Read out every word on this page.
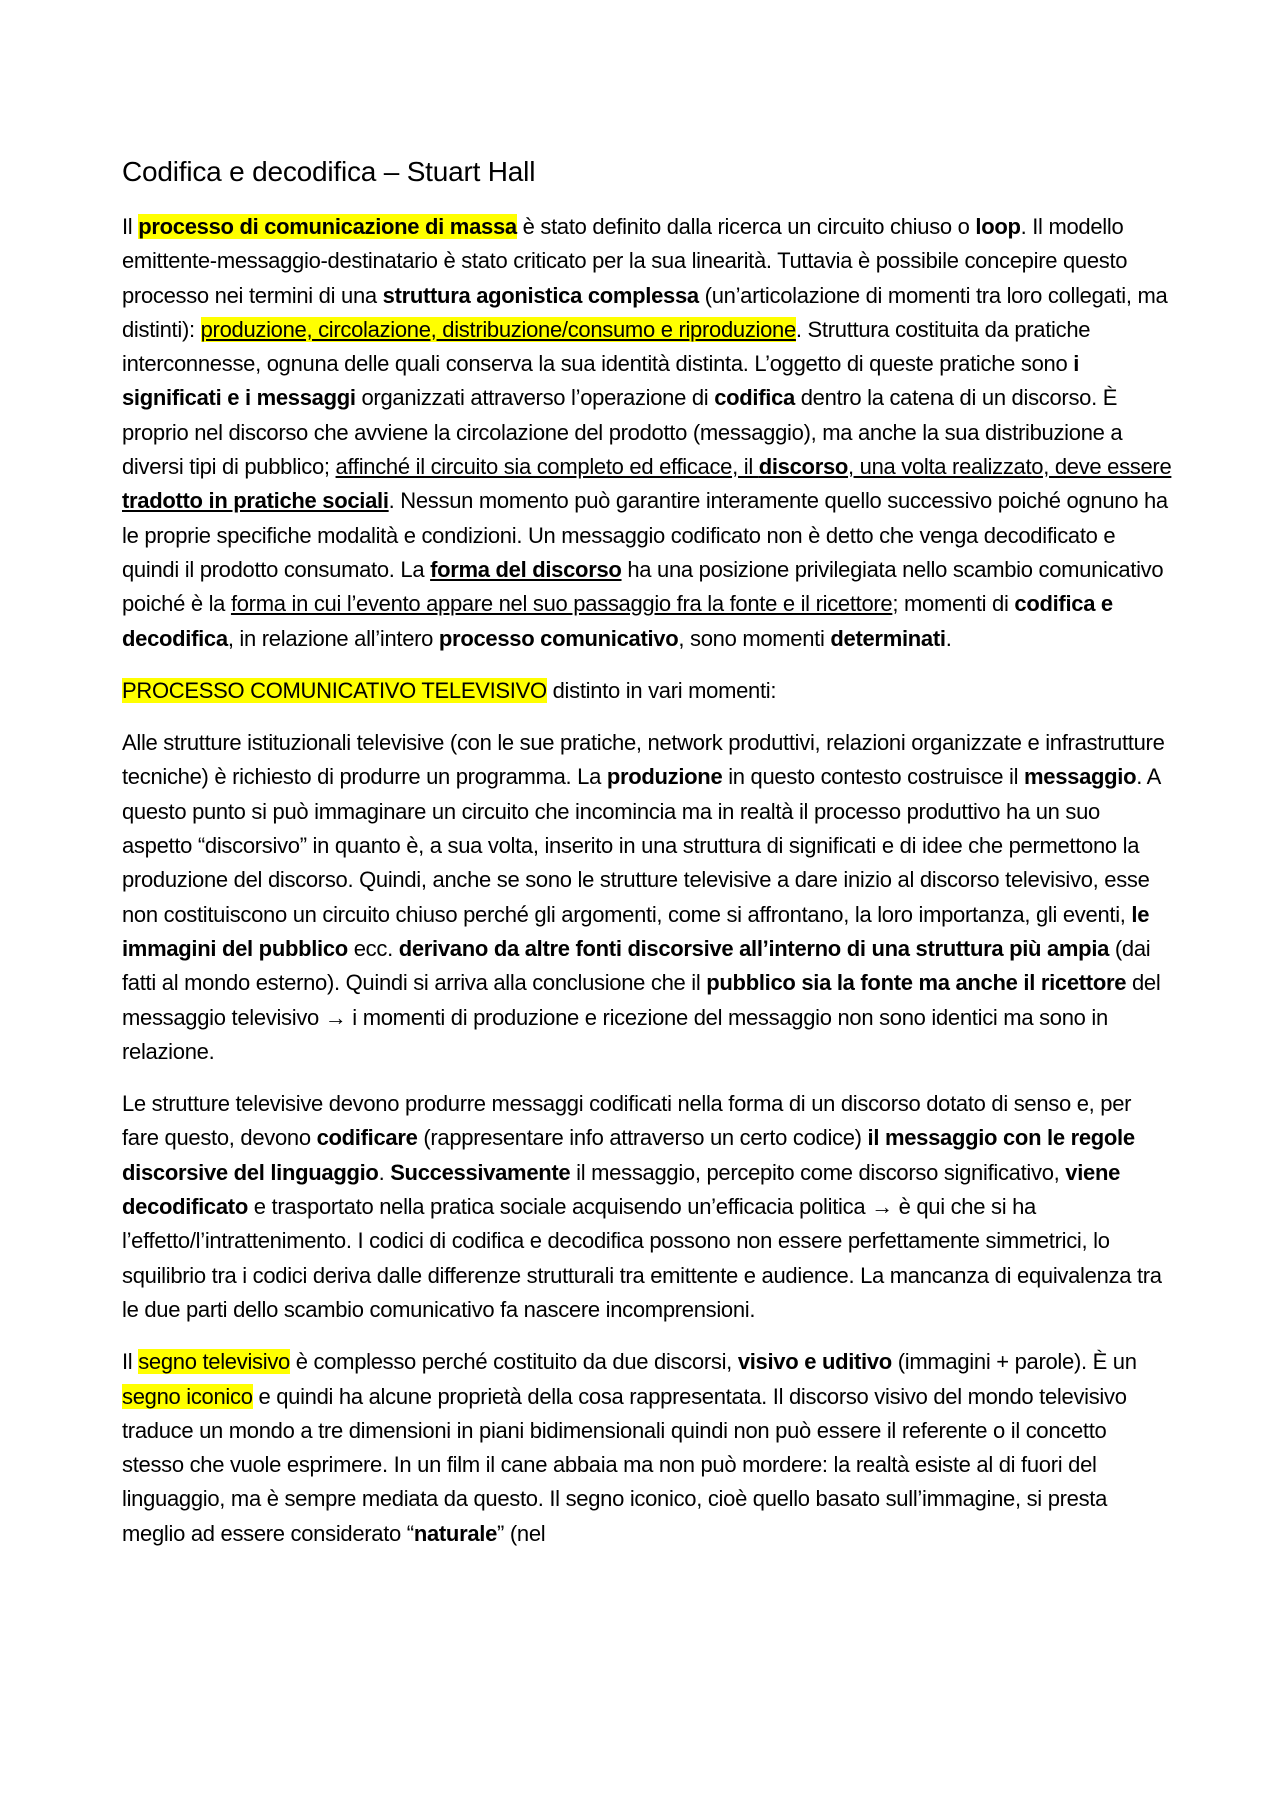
Codifica e decodifica – Stuart Hall

Il processo di comunicazione di massa è stato definito dalla ricerca un circuito chiuso o loop. Il modello emittente-messaggio-destinatario è stato criticato per la sua linearità. Tuttavia è possibile concepire questo processo nei termini di una struttura agonistica complessa (un’articolazione di momenti tra loro collegati, ma distinti): produzione, circolazione, distribuzione/consumo e riproduzione. Struttura costituita da pratiche interconnesse, ognuna delle quali conserva la sua identità distinta. L’oggetto di queste pratiche sono i significati e i messaggi organizzati attraverso l’operazione di codifica dentro la catena di un discorso. È proprio nel discorso che avviene la circolazione del prodotto (messaggio), ma anche la sua distribuzione a diversi tipi di pubblico; affinché il circuito sia completo ed efficace, il discorso, una volta realizzato, deve essere tradotto in pratiche sociali. Nessun momento può garantire interamente quello successivo poiché ognuno ha le proprie specifiche modalità e condizioni. Un messaggio codificato non è detto che venga decodificato e quindi il prodotto consumato. La forma del discorso ha una posizione privilegiata nello scambio comunicativo poiché è la forma in cui l’evento appare nel suo passaggio fra la fonte e il ricettore; momenti di codifica e decodifica, in relazione all’intero processo comunicativo, sono momenti determinati.

PROCESSO COMUNICATIVO TELEVISIVO distinto in vari momenti:

Alle strutture istituzionali televisive (con le sue pratiche, network produttivi, relazioni organizzate e infrastrutture tecniche) è richiesto di produrre un programma. La produzione in questo contesto costruisce il messaggio. A questo punto si può immaginare un circuito che incomincia ma in realtà il processo produttivo ha un suo aspetto “discorsivo” in quanto è, a sua volta, inserito in una struttura di significati e di idee che permettono la produzione del discorso. Quindi, anche se sono le strutture televisive a dare inizio al discorso televisivo, esse non costituiscono un circuito chiuso perché gli argomenti, come si affrontano, la loro importanza, gli eventi, le immagini del pubblico ecc. derivano da altre fonti discorsive all’interno di una struttura più ampia (dai fatti al mondo esterno). Quindi si arriva alla conclusione che il pubblico sia la fonte ma anche il ricettore del messaggio televisivo → i momenti di produzione e ricezione del messaggio non sono identici ma sono in relazione.

Le strutture televisive devono produrre messaggi codificati nella forma di un discorso dotato di senso e, per fare questo, devono codificare (rappresentare info attraverso un certo codice) il messaggio con le regole discorsive del linguaggio. Successivamente il messaggio, percepito come discorso significativo, viene decodificato e trasportato nella pratica sociale acquisendo un’efficacia politica → è qui che si ha l’effetto/l’intrattenimento. I codici di codifica e decodifica possono non essere perfettamente simmetrici, lo squilibrio tra i codici deriva dalle differenze strutturali tra emittente e audience. La mancanza di equivalenza tra le due parti dello scambio comunicativo fa nascere incomprensioni.

Il segno televisivo è complesso perché costituito da due discorsi, visivo e uditivo (immagini + parole). È un segno iconico e quindi ha alcune proprietà della cosa rappresentata. Il discorso visivo del mondo televisivo traduce un mondo a tre dimensioni in piani bidimensionali quindi non può essere il referente o il concetto stesso che vuole esprimere. In un film il cane abbaia ma non può mordere: la realtà esiste al di fuori del linguaggio, ma è sempre mediata da questo. Il segno iconico, cioè quello basato sull’immagine, si presta meglio ad essere considerato “naturale” (nel
